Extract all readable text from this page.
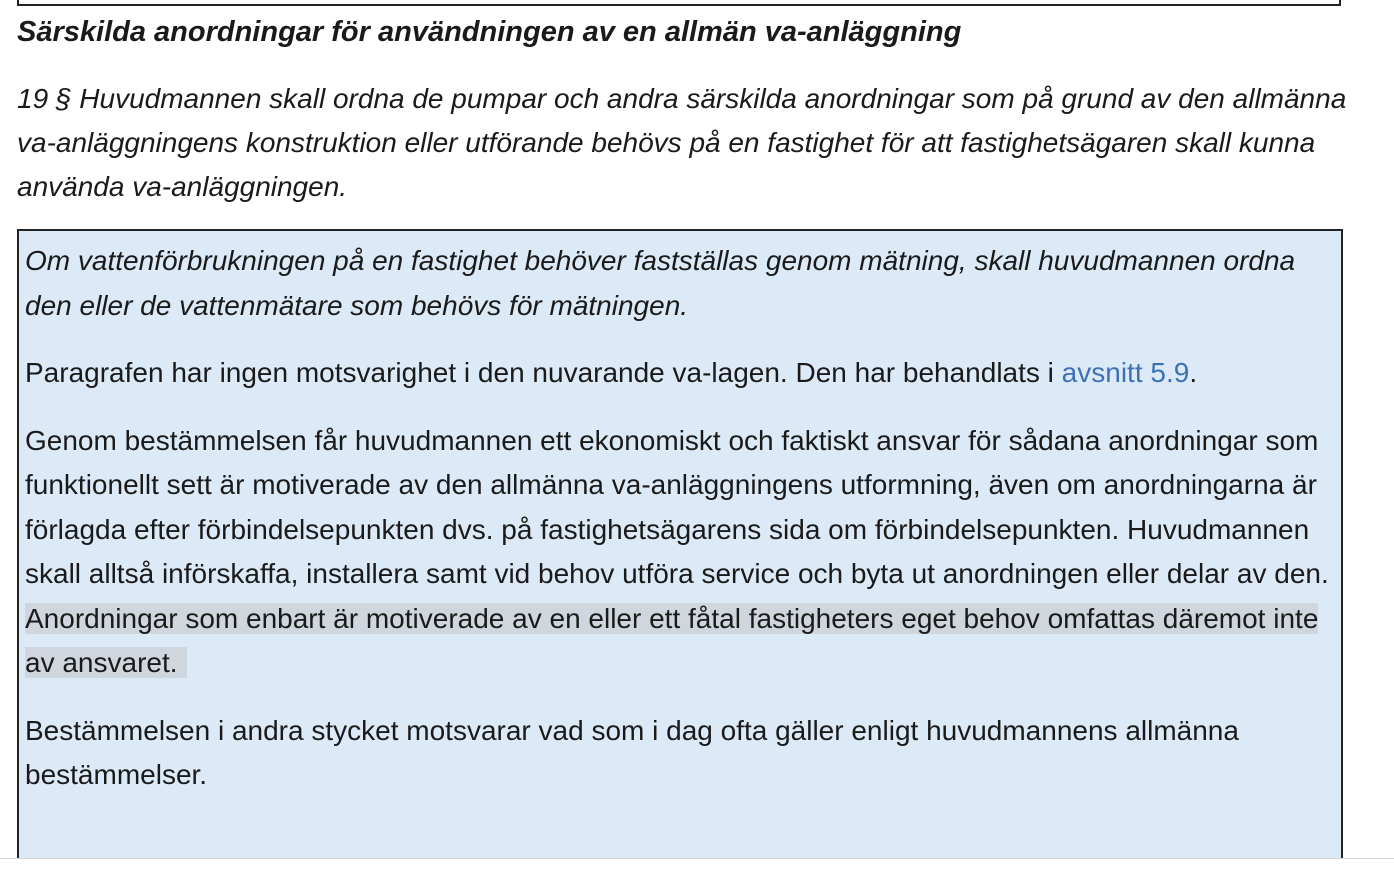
Särskilda anordningar för användningen av en allmän va-anläggning

19 § Huvudmannen skall ordna de pumpar och andra särskilda anordningar som på grund av den allmänna va-anläggningens konstruktion eller utförande behövs på en fastighet för att fastighetsägaren skall kunna använda va-anläggningen.

Om vattenförbrukningen på en fastighet behöver fastställas genom mätning, skall huvudmannen ordna den eller de vattenmätare som behövs för mätningen.

Paragrafen har ingen motsvarighet i den nuvarande va-lagen. Den har behandlats i avsnitt 5.9.

Genom bestämmelsen får huvudmannen ett ekonomiskt och faktiskt ansvar för sådana anordningar som funktionellt sett är motiverade av den allmänna va-anläggningens utformning, även om anordningarna är förlagda efter förbindelsepunkten dvs. på fastighetsägarens sida om förbindelsepunkten. Huvudmannen skall alltså införskaffa, installera samt vid behov utföra service och byta ut anordningen eller delar av den. Anordningar som enbart är motiverade av en eller ett fåtal fastigheters eget behov omfattas däremot inte av ansvaret.

Bestämmelsen i andra stycket motsvarar vad som i dag ofta gäller enligt huvudmannens allmänna bestämmelser.
